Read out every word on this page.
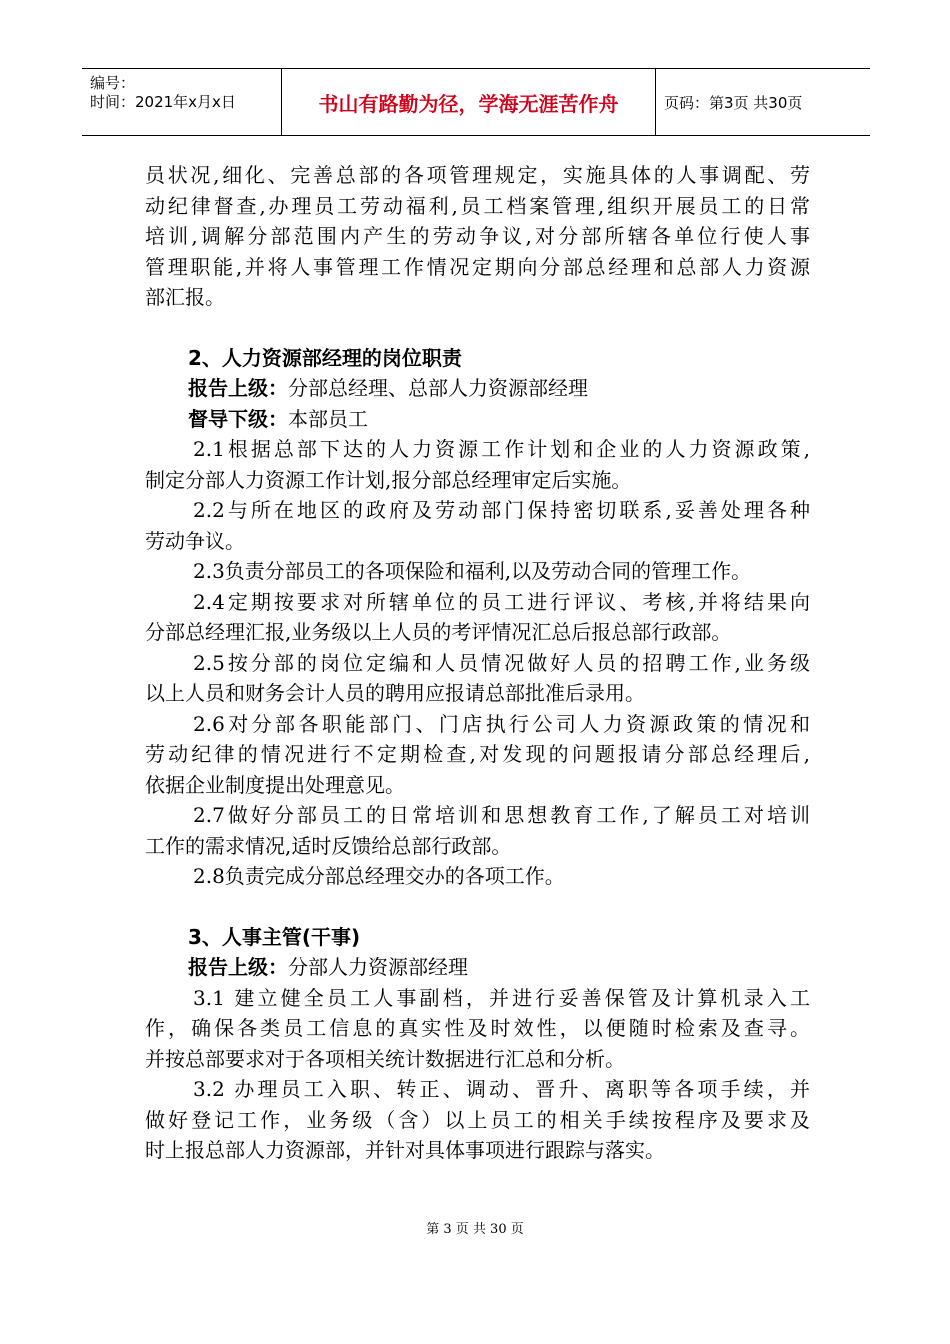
编号：
时间：2021年x月x日	书山有路勤为径，学海无涯苦作舟	页码：第3页 共30页
员状况,细化、完善总部的各项管理规定，实施具体的人事调配、劳
动纪律督查,办理员工劳动福利,员工档案管理,组织开展员工的日常
培训,调解分部范围内产生的劳动争议,对分部所辖各单位行使人事
管理职能,并将人事管理工作情况定期向分部总经理和总部人力资源
部汇报。
2、人力资源部经理的岗位职责
报告上级：分部总经理、总部人力资源部经理
督导下级：本部员工
2.1根据总部下达的人力资源工作计划和企业的人力资源政策,
制定分部人力资源工作计划,报分部总经理审定后实施。
2.2与所在地区的政府及劳动部门保持密切联系,妥善处理各种
劳动争议。
2.3负责分部员工的各项保险和福利,以及劳动合同的管理工作。
2.4定期按要求对所辖单位的员工进行评议、考核,并将结果向
分部总经理汇报,业务级以上人员的考评情况汇总后报总部行政部。
2.5按分部的岗位定编和人员情况做好人员的招聘工作,业务级
以上人员和财务会计人员的聘用应报请总部批准后录用。
2.6对分部各职能部门、门店执行公司人力资源政策的情况和
劳动纪律的情况进行不定期检查,对发现的问题报请分部总经理后,
依据企业制度提出处理意见。
2.7做好分部员工的日常培训和思想教育工作,了解员工对培训
工作的需求情况,适时反馈给总部行政部。
2.8负责完成分部总经理交办的各项工作。
3、人事主管(干事)
报告上级：分部人力资源部经理
3.1 建立健全员工人事副档，并进行妥善保管及计算机录入工
作，确保各类员工信息的真实性及时效性，以便随时检索及查寻。
并按总部要求对于各项相关统计数据进行汇总和分析。
3.2 办理员工入职、转正、调动、晋升、离职等各项手续，并
做好登记工作，业务级（含）以上员工的相关手续按程序及要求及
时上报总部人力资源部，并针对具体事项进行跟踪与落实。
第 3 页 共 30 页
